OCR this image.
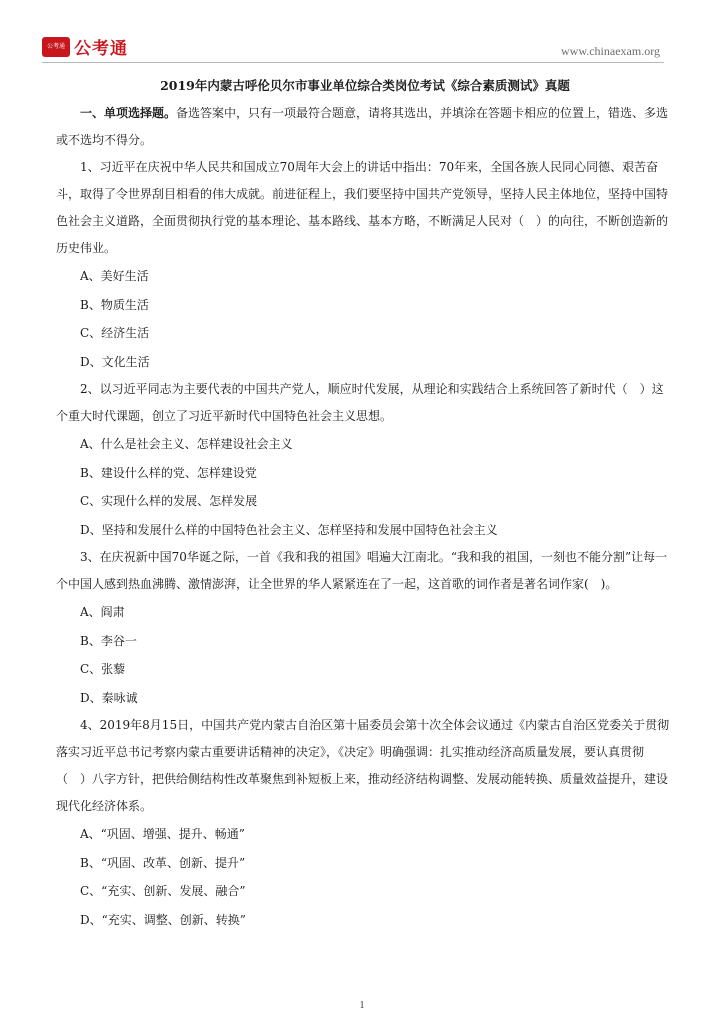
公考通 公考通	www.chinaexam.org

2019年内蒙古呼伦贝尔市事业单位综合类岗位考试《综合素质测试》真题

一、单项选择题。备选答案中，只有一项最符合题意，请将其选出，并填涂在答题卡相应的位置上，错选、多选或不选均不得分。

1、习近平在庆祝中华人民共和国成立70周年大会上的讲话中指出：70年来，全国各族人民同心同德、艰苦奋斗，取得了令世界刮目相看的伟大成就。前进征程上，我们要坚持中国共产党领导，坚持人民主体地位，坚持中国特色社会主义道路，全面贯彻执行党的基本理论、基本路线、基本方略，不断满足人民对（　）的向往，不断创造新的历史伟业。

A、美好生活

B、物质生活

C、经济生活

D、文化生活

2、以习近平同志为主要代表的中国共产党人，顺应时代发展，从理论和实践结合上系统回答了新时代（　）这个重大时代课题，创立了习近平新时代中国特色社会主义思想。

A、什么是社会主义、怎样建设社会主义

B、建设什么样的党、怎样建设党

C、实现什么样的发展、怎样发展

D、坚持和发展什么样的中国特色社会主义、怎样坚持和发展中国特色社会主义

3、在庆祝新中国70华诞之际，一首《我和我的祖国》唱遍大江南北。“我和我的祖国，一刻也不能分割”让每一个中国人感到热血沸腾、激情澎湃，让全世界的华人紧紧连在了一起，这首歌的词作者是著名词作家(　)。

A、阎肃

B、李谷一

C、张藜

D、秦咏诚

4、2019年8月15日，中国共产党内蒙古自治区第十届委员会第十次全体会议通过《内蒙古自治区党委关于贯彻落实习近平总书记考察内蒙古重要讲话精神的决定》，《决定》明确强调：扎实推动经济高质量发展，要认真贯彻（　）八字方针，把供给侧结构性改革聚焦到补短板上来，推动经济结构调整、发展动能转换、质量效益提升，建设现代化经济体系。

A、“巩固、增强、提升、畅通”

B、“巩固、改革、创新、提升”

C、“充实、创新、发展、融合”

D、“充实、调整、创新、转换”

1
